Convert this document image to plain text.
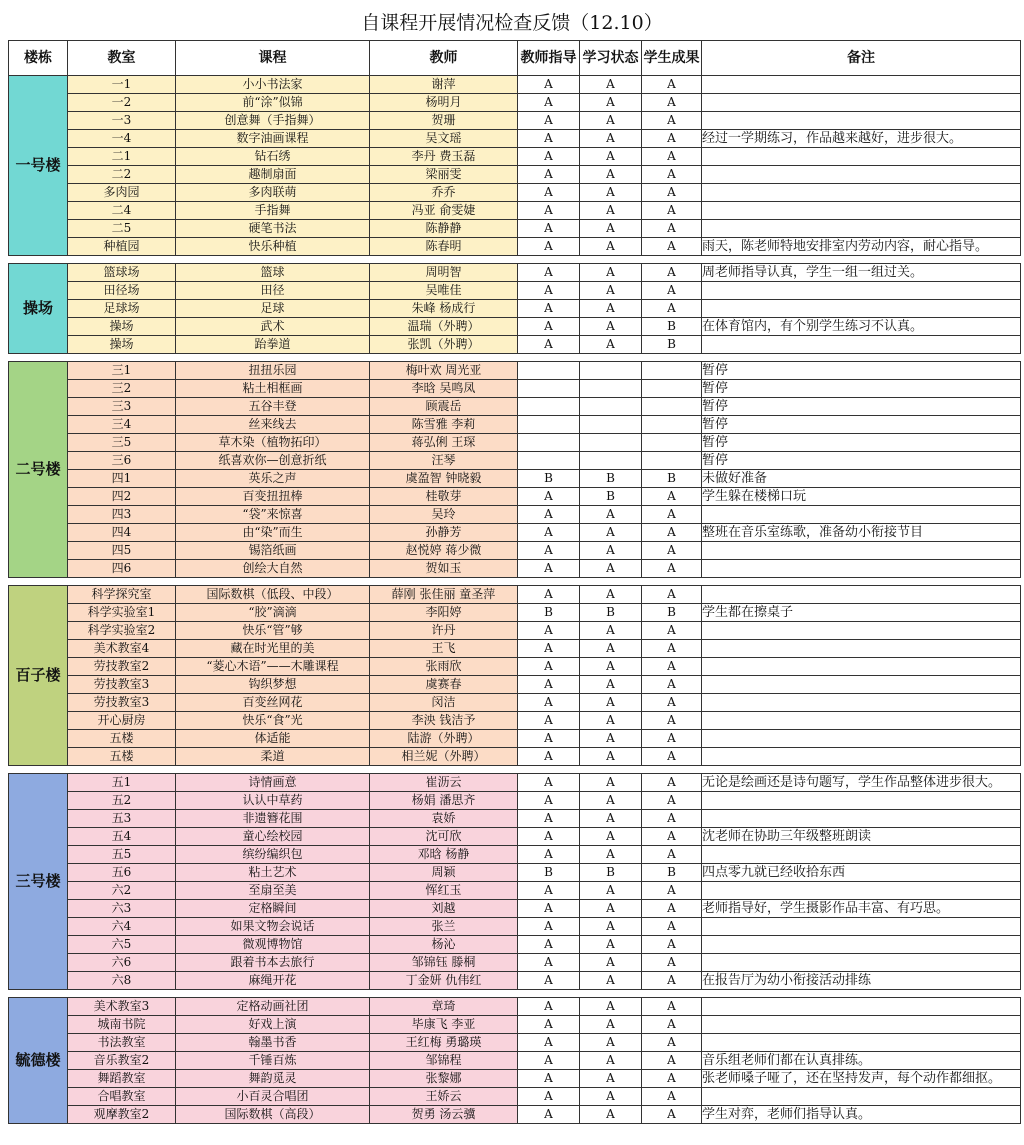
自课程开展情况检查反馈（12.10）
楼栋	教室	课程	教师	教师指导	学习状态	学生成果	备注
一号楼	一1	小小书法家	谢萍	A	A	A	
	一2	前“涂”似锦	杨明月	A	A	A	
	一3	创意舞（手指舞）	贺珊	A	A	A	
	一4	数字油画课程	吴文瑶	A	A	A	经过一学期练习，作品越来越好，进步很大。
	二1	钻石绣	李丹 费玉磊	A	A	A	
	二2	趣制扇面	梁丽雯	A	A	A	
	多肉园	多肉联萌	乔乔	A	A	A	
	二4	手指舞	冯亚 俞雯婕	A	A	A	
	二5	硬笔书法	陈静静	A	A	A	
	种植园	快乐种植	陈春明	A	A	A	雨天，陈老师特地安排室内劳动内容，耐心指导。

操场	篮球场	篮球	周明智	A	A	A	周老师指导认真，学生一组一组过关。
	田径场	田径	吴唯佳	A	A	A	
	足球场	足球	朱峰 杨成行	A	A	A	
	操场	武术	温瑞（外聘）	A	A	B	在体育馆内，有个别学生练习不认真。
	操场	跆拳道	张凯（外聘）	A	A	B	

二号楼	三1	扭扭乐园	梅叶欢 周光亚				暂停
	三2	粘土相框画	李晗 吴鸣凤				暂停
	三3	五谷丰登	顾震岳				暂停
	三4	丝来线去	陈雪雅 李莉				暂停
	三5	草木染（植物拓印）	蒋弘俐 王琛				暂停
	三6	纸喜欢你—创意折纸	汪琴				暂停
	四1	英乐之声	虞盈智 钟晓毅	B	B	B	未做好准备
	四2	百变扭扭棒	桂敬芽	A	B	A	学生躲在楼梯口玩
	四3	“袋”来惊喜	吴玲	A	A	A	
	四4	由“染”而生	孙静芳	A	A	A	整班在音乐室练歌，准备幼小衔接节目
	四5	锡箔纸画	赵悦婷 蒋少微	A	A	A	
	四6	创绘大自然	贺如玉	A	A	A	

百子楼	科学探究室	国际数棋（低段、中段）	薛刚 张佳丽 童圣萍	A	A	A	
	科学实验室1	“胶”滴滴	李阳婷	B	B	B	学生都在擦桌子
	科学实验室2	快乐“管”够	许丹	A	A	A	
	美术教室4	藏在时光里的美	王飞	A	A	A	
	劳技教室2	“菱心木语”——木雕课程	张雨欣	A	A	A	
	劳技教室3	钩织梦想	虞赛春	A	A	A	
	劳技教室3	百变丝网花	闵洁	A	A	A	
	开心厨房	快乐“食”光	李泱 钱洁予	A	A	A	
	五楼	体适能	陆游（外聘）	A	A	A	
	五楼	柔道	相兰妮（外聘）	A	A	A	

三号楼	五1	诗情画意	崔沥云	A	A	A	无论是绘画还是诗句题写，学生作品整体进步很大。
	五2	认认中草药	杨娟 潘思齐	A	A	A	
	五3	非遗簪花围	袁娇	A	A	A	
	五4	童心绘校园	沈可欣	A	A	A	沈老师在协助三年级整班朗读
	五5	缤纷编织包	邓晗 杨静	A	A	A	
	五6	粘土艺术	周颖	B	B	B	四点零九就已经收拾东西
	六2	至扇至美	恽红玉	A	A	A	
	六3	定格瞬间	刘越	A	A	A	老师指导好，学生摄影作品丰富、有巧思。
	六4	如果文物会说话	张兰	A	A	A	
	六5	微观博物馆	杨沁	A	A	A	
	六6	跟着书本去旅行	邹锦钰 滕桐	A	A	A	
	六8	麻绳开花	丁金妍 仇伟红	A	A	A	在报告厅为幼小衔接活动排练

毓德楼	美术教室3	定格动画社团	章琦	A	A	A	
	城南书院	好戏上演	毕康飞 李亚	A	A	A	
	书法教室	翰墨书香	王红梅 勇璐瑛	A	A	A	
	音乐教室2	千锤百炼	邹锦程	A	A	A	音乐组老师们都在认真排练。
	舞蹈教室	舞韵觅灵	张黎娜	A	A	A	张老师嗓子哑了，还在坚持发声，每个动作都细抠。
	合唱教室	小百灵合唱团	王娇云	A	A	A	
	观摩教室2	国际数棋（高段）	贺勇 汤云骥	A	A	A	学生对弈，老师们指导认真。
